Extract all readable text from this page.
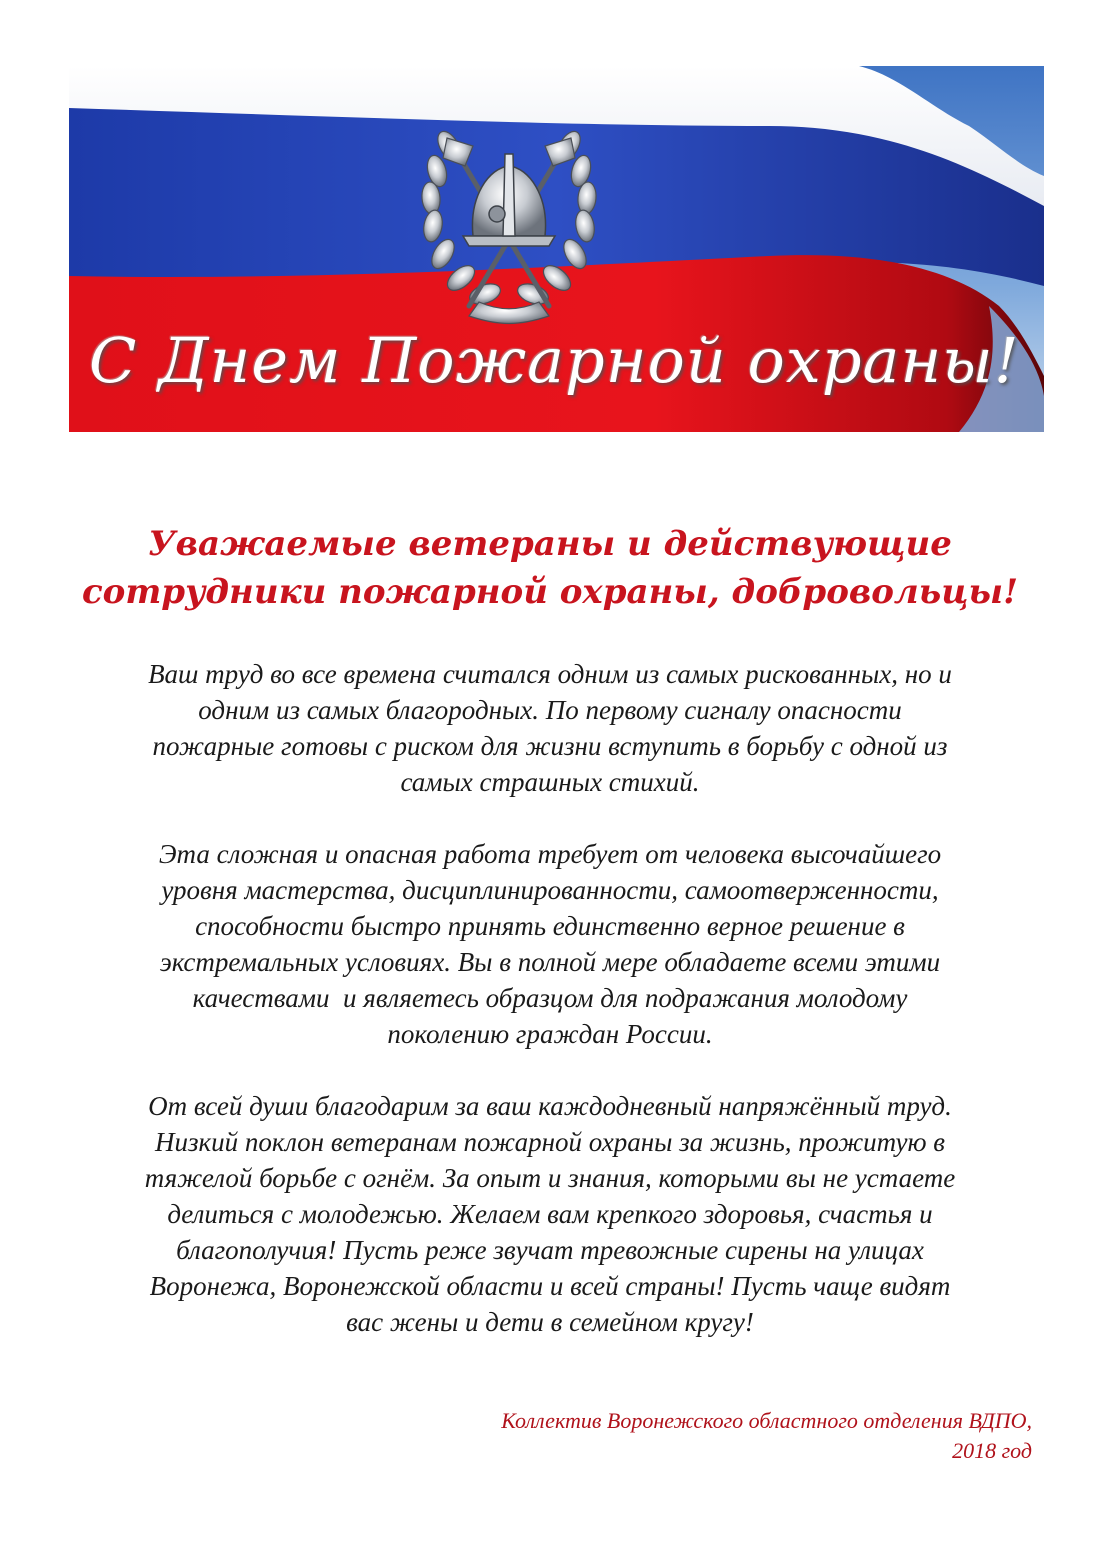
С Днем Пожарной охраны!
Уважаемые ветераны и действующие
сотрудники пожарной охраны, добровольцы!

Ваш труд во все времена считался одним из самых рискованных, но и
одним из самых благородных. По первому сигналу опасности
пожарные готовы с риском для жизни вступить в борьбу с одной из
самых страшных стихий.

Эта сложная и опасная работа требует от человека высочайшего
уровня мастерства, дисциплинированности, самоотверженности,
способности быстро принять единственно верное решение в
экстремальных условиях. Вы в полной мере обладаете всеми этими
качествами  и являетесь образцом для подражания молодому
поколению граждан России.

От всей души благодарим за ваш каждодневный напряжённый труд.
Низкий поклон ветеранам пожарной охраны за жизнь, прожитую в
тяжелой борьбе с огнём. За опыт и знания, которыми вы не устаете
делиться с молодежью. Желаем вам крепкого здоровья, счастья и
благополучия! Пусть реже звучат тревожные сирены на улицах
Воронежа, Воронежской области и всей страны! Пусть чаще видят
вас жены и дети в семейном кругу!

Коллектив Воронежского областного отделения ВДПО,
2018 год
